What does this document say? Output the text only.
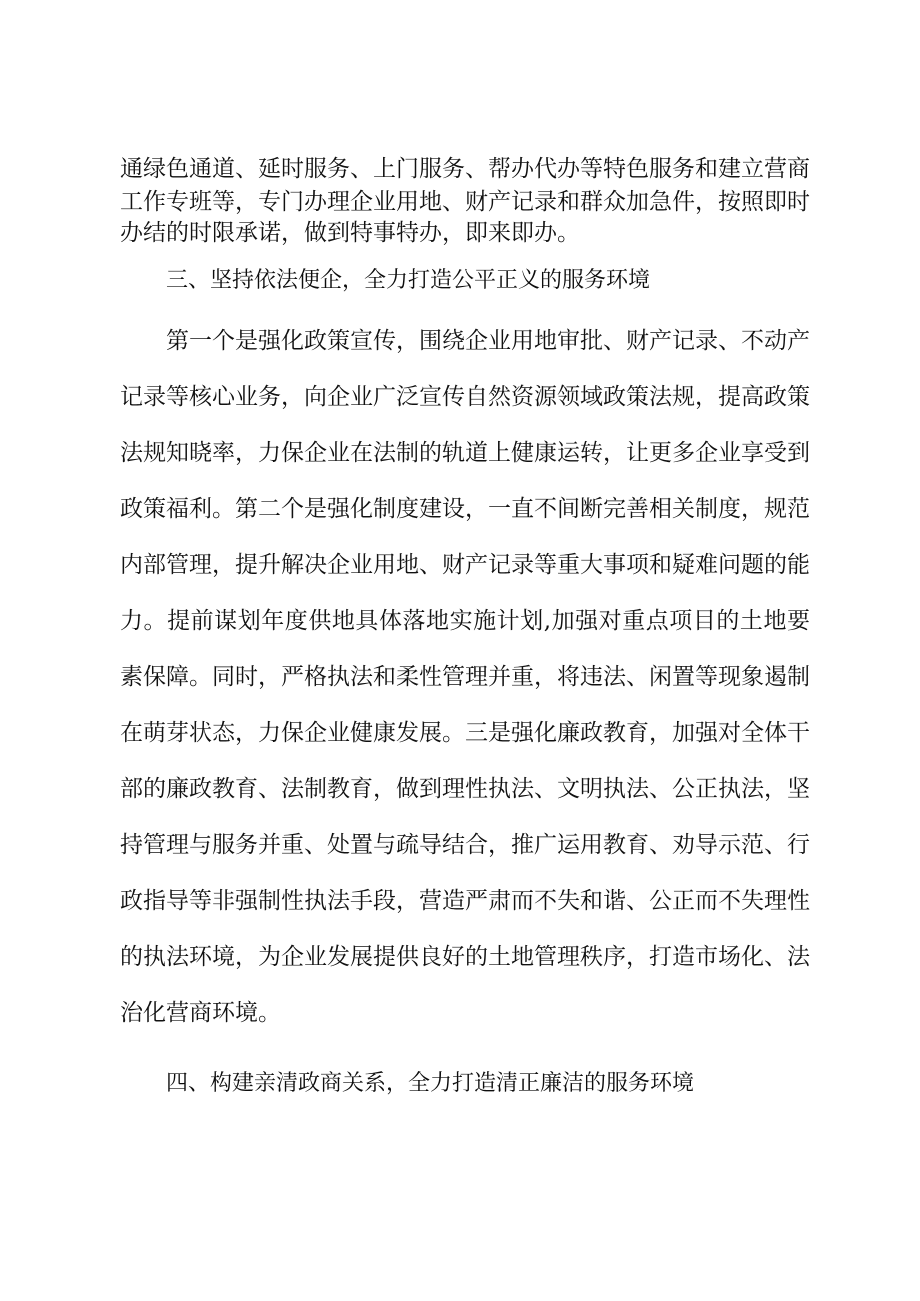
通绿色通道、延时服务、上门服务、帮办代办等特色服务和建立营商
工作专班等，专门办理企业用地、财产记录和群众加急件，按照即时
办结的时限承诺，做到特事特办，即来即办。
三、坚持依法便企，全力打造公平正义的服务环境
第一个是强化政策宣传，围绕企业用地审批、财产记录、不动产
记录等核心业务，向企业广泛宣传自然资源领域政策法规，提高政策
法规知晓率，力保企业在法制的轨道上健康运转，让更多企业享受到
政策福利。第二个是强化制度建设，一直不间断完善相关制度，规范
内部管理，提升解决企业用地、财产记录等重大事项和疑难问题的能
力。提前谋划年度供地具体落地实施计划,加强对重点项目的土地要
素保障。同时，严格执法和柔性管理并重，将违法、闲置等现象遏制
在萌芽状态，力保企业健康发展。三是强化廉政教育，加强对全体干
部的廉政教育、法制教育，做到理性执法、文明执法、公正执法，坚
持管理与服务并重、处置与疏导结合，推广运用教育、劝导示范、行
政指导等非强制性执法手段，营造严肃而不失和谐、公正而不失理性
的执法环境，为企业发展提供良好的土地管理秩序，打造市场化、法
治化营商环境。
四、构建亲清政商关系，全力打造清正廉洁的服务环境
